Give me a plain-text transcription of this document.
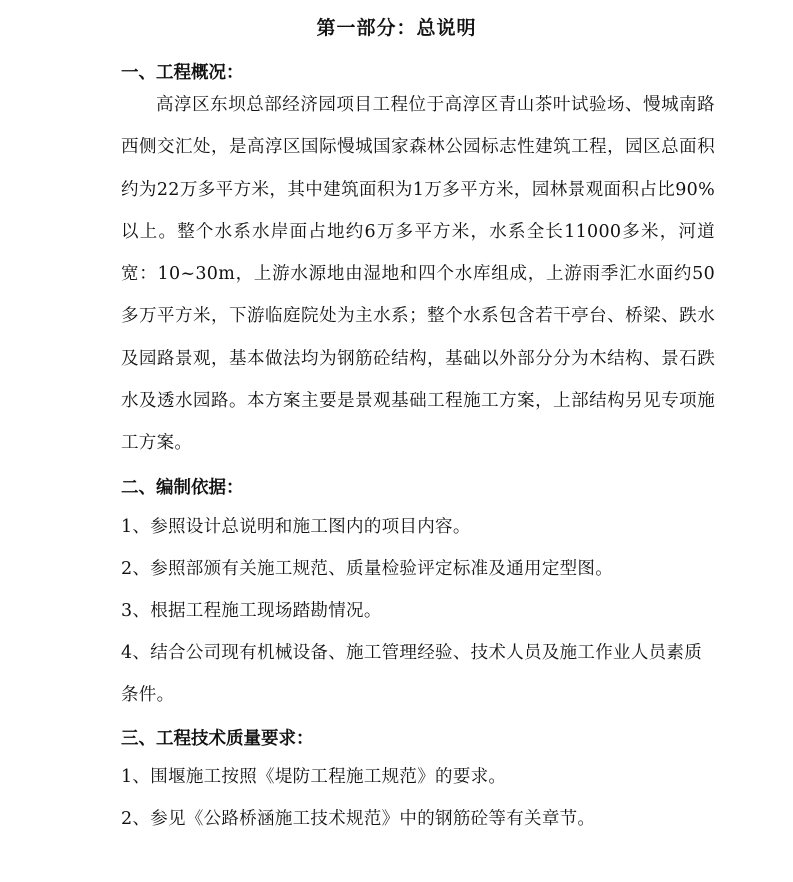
第一部分：总说明
一、工程概况：
高淳区东坝总部经济园项目工程位于高淳区青山茶叶试验场、慢城南路西侧交汇处，是高淳区国际慢城国家森林公园标志性建筑工程，园区总面积约为22万多平方米，其中建筑面积为1万多平方米，园林景观面积占比90%以上。整个水系水岸面占地约6万多平方米，水系全长11000多米，河道宽：10~30m，上游水源地由湿地和四个水库组成，上游雨季汇水面约50多万平方米，下游临庭院处为主水系；整个水系包含若干亭台、桥梁、跌水及园路景观，基本做法均为钢筋砼结构，基础以外部分分为木结构、景石跌水及透水园路。本方案主要是景观基础工程施工方案，上部结构另见专项施工方案。
二、编制依据：
1、参照设计总说明和施工图内的项目内容。
2、参照部颁有关施工规范、质量检验评定标准及通用定型图。
3、根据工程施工现场踏勘情况。
4、结合公司现有机械设备、施工管理经验、技术人员及施工作业人员素质条件。
三、工程技术质量要求：
1、围堰施工按照《堤防工程施工规范》的要求。
2、参见《公路桥涵施工技术规范》中的钢筋砼等有关章节。
